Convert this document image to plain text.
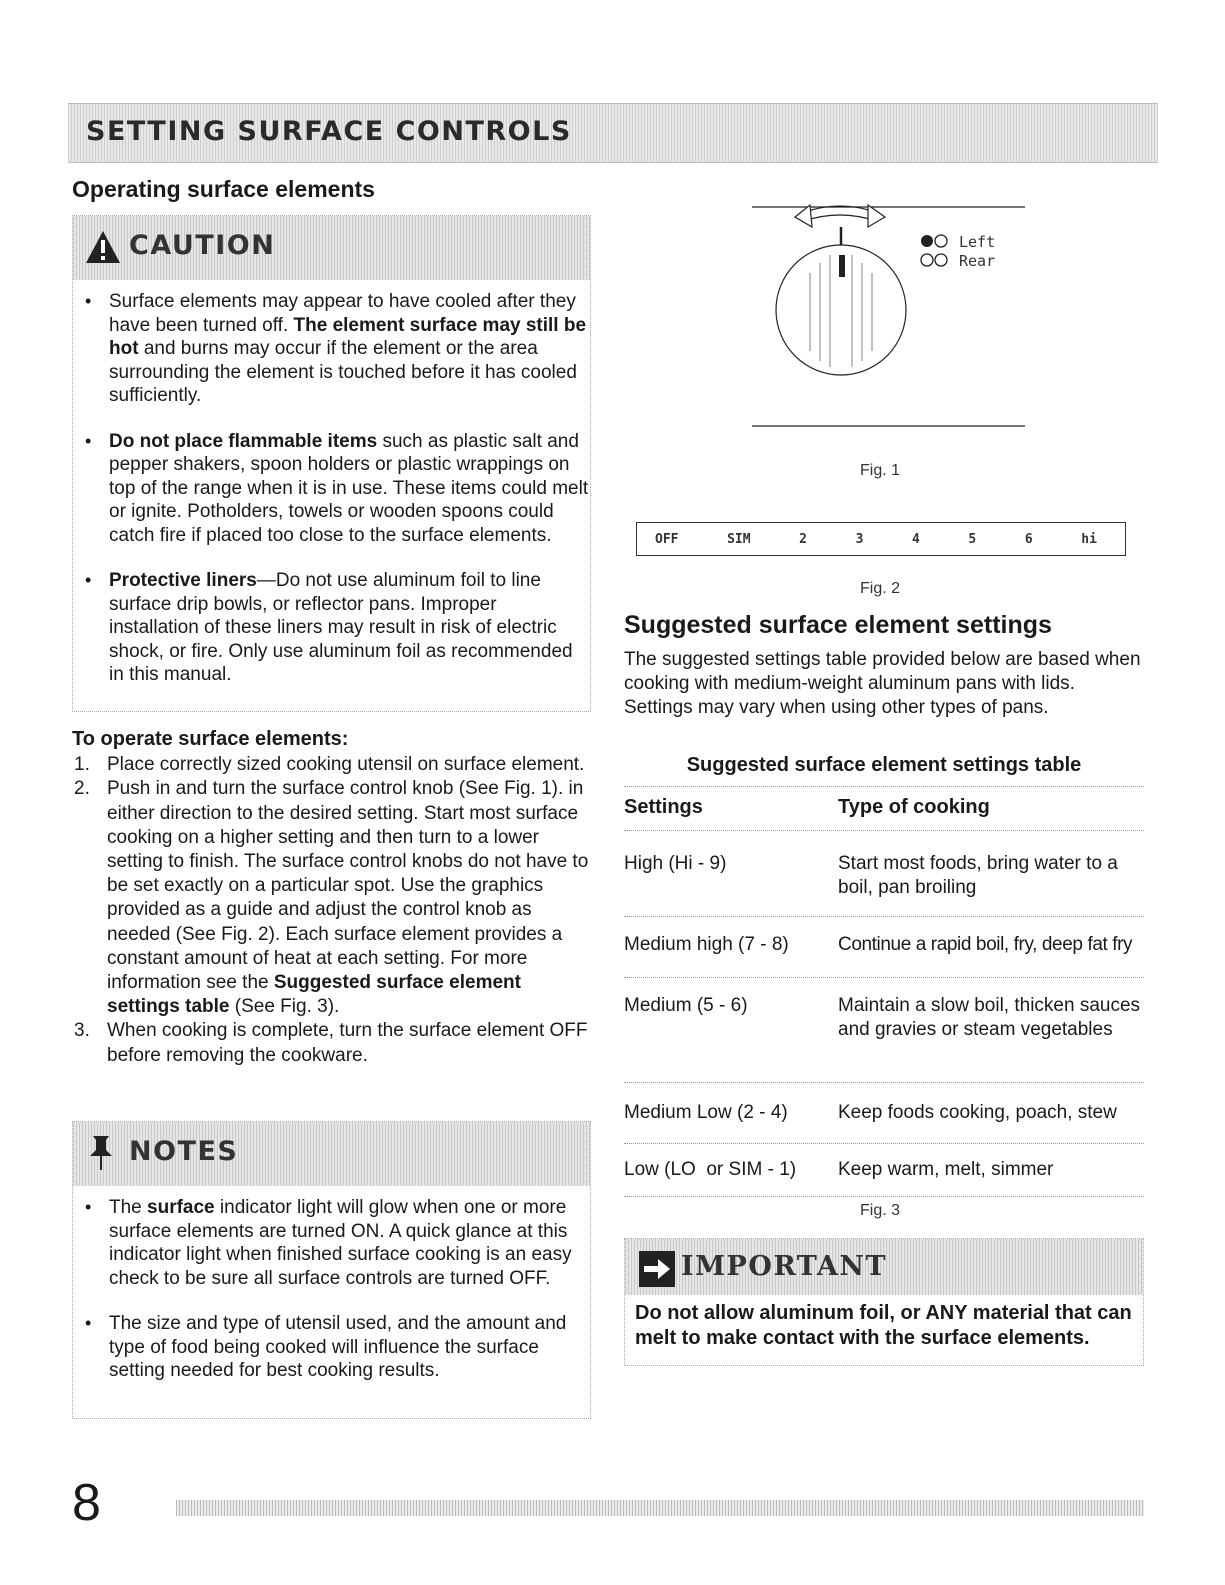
SETTING SURFACE CONTROLS
Operating surface elements
CAUTION
• Surface elements may appear to have cooled after they have been turned off. The element surface may still be hot and burns may occur if the element or the area surrounding the element is touched before it has cooled sufficiently.
• Do not place flammable items such as plastic salt and pepper shakers, spoon holders or plastic wrappings on top of the range when it is in use. These items could melt or ignite. Potholders, towels or wooden spoons could catch fire if placed too close to the surface elements.
• Protective liners—Do not use aluminum foil to line surface drip bowls, or reflector pans. Improper installation of these liners may result in risk of electric shock, or fire. Only use aluminum foil as recommended in this manual.
To operate surface elements:
1. Place correctly sized cooking utensil on surface element.
2. Push in and turn the surface control knob (See Fig. 1). in either direction to the desired setting. Start most surface cooking on a higher setting and then turn to a lower setting to finish. The surface control knobs do not have to be set exactly on a particular spot. Use the graphics provided as a guide and adjust the control knob as needed (See Fig. 2). Each surface element provides a constant amount of heat at each setting. For more information see the Suggested surface element settings table (See Fig. 3).
3. When cooking is complete, turn the surface element OFF before removing the cookware.
NOTES
• The surface indicator light will glow when one or more surface elements are turned ON. A quick glance at this indicator light when finished surface cooking is an easy check to be sure all surface controls are turned OFF.
• The size and type of utensil used, and the amount and type of food being cooked will influence the surface setting needed for best cooking results.
Left
Rear
Fig. 1
OFF	SIM	2	3	4	5	6	hi
Fig. 2
Suggested surface element settings
The suggested settings table provided below are based when cooking with medium-weight aluminum pans with lids. Settings may vary when using other types of pans.
Suggested surface element settings table
Settings	Type of cooking
High (Hi - 9)	Start most foods, bring water to a boil, pan broiling
Medium high (7 - 8)	Continue a rapid boil, fry, deep fat fry
Medium (5 - 6)	Maintain a slow boil, thicken sauces and gravies or steam vegetables
Medium Low (2 - 4)	Keep foods cooking, poach, stew
Low (LO  or SIM - 1) Keep warm, melt, simmer
Fig. 3
IMPORTANT
Do not allow aluminum foil, or ANY material that can melt to make contact with the surface elements.
8
